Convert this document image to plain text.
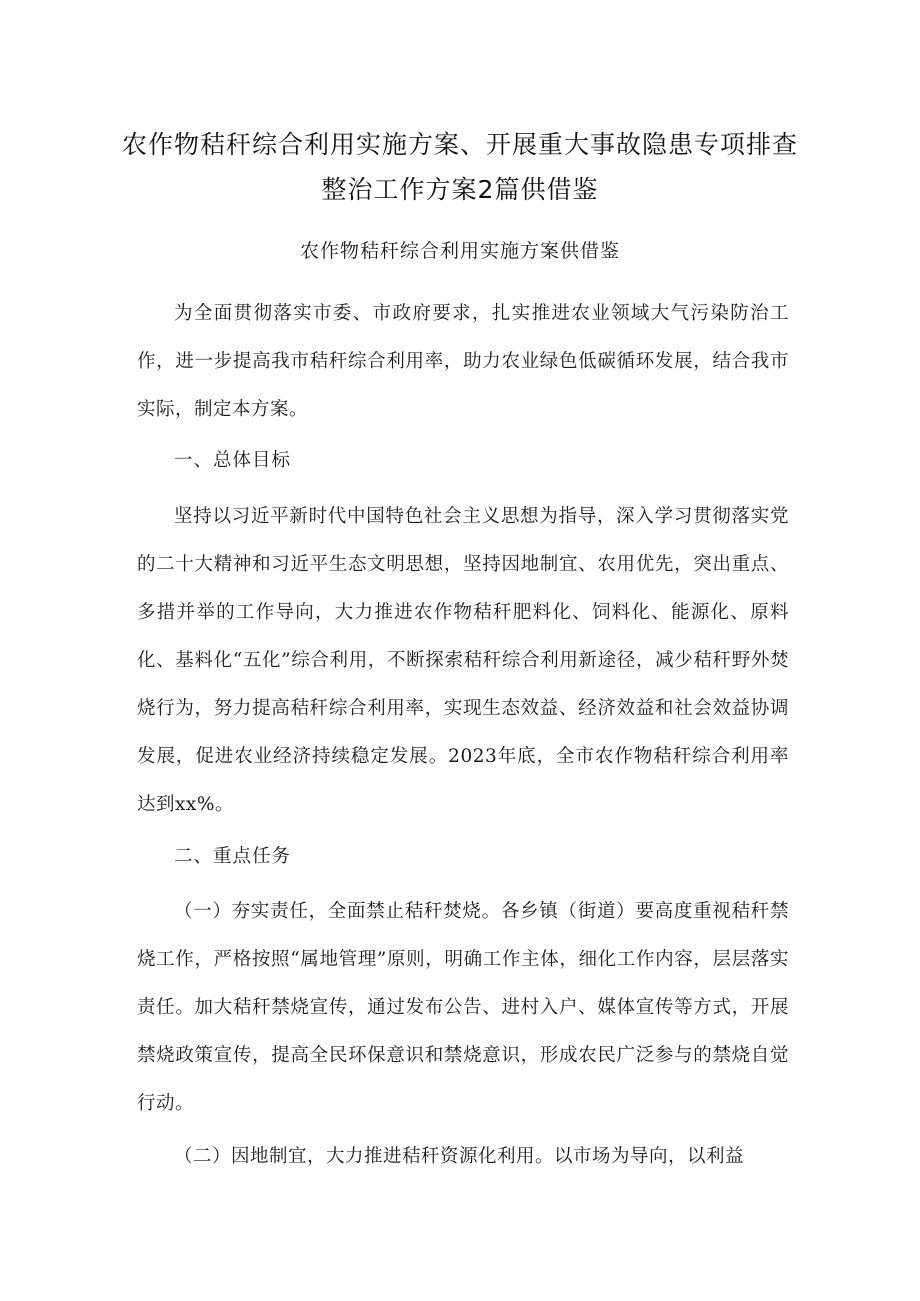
农作物秸秆综合利用实施方案、开展重大事故隐患专项排查整治工作方案2篇供借鉴
农作物秸秆综合利用实施方案供借鉴

为全面贯彻落实市委、市政府要求，扎实推进农业领域大气污染防治工作，进一步提高我市秸秆综合利用率，助力农业绿色低碳循环发展，结合我市实际，制定本方案。

一、总体目标

坚持以习近平新时代中国特色社会主义思想为指导，深入学习贯彻落实党的二十大精神和习近平生态文明思想，坚持因地制宜、农用优先，突出重点、多措并举的工作导向，大力推进农作物秸秆肥料化、饲料化、能源化、原料化、基料化“五化”综合利用，不断探索秸秆综合利用新途径，减少秸秆野外焚烧行为，努力提高秸秆综合利用率，实现生态效益、经济效益和社会效益协调发展，促进农业经济持续稳定发展。2023年底，全市农作物秸秆综合利用率达到xx%。

二、重点任务

（一）夯实责任，全面禁止秸秆焚烧。各乡镇（街道）要高度重视秸秆禁烧工作，严格按照“属地管理”原则，明确工作主体，细化工作内容，层层落实责任。加大秸秆禁烧宣传，通过发布公告、进村入户、媒体宣传等方式，开展禁烧政策宣传，提高全民环保意识和禁烧意识，形成农民广泛参与的禁烧自觉行动。

（二）因地制宜，大力推进秸秆资源化利用。以市场为导向，以利益
